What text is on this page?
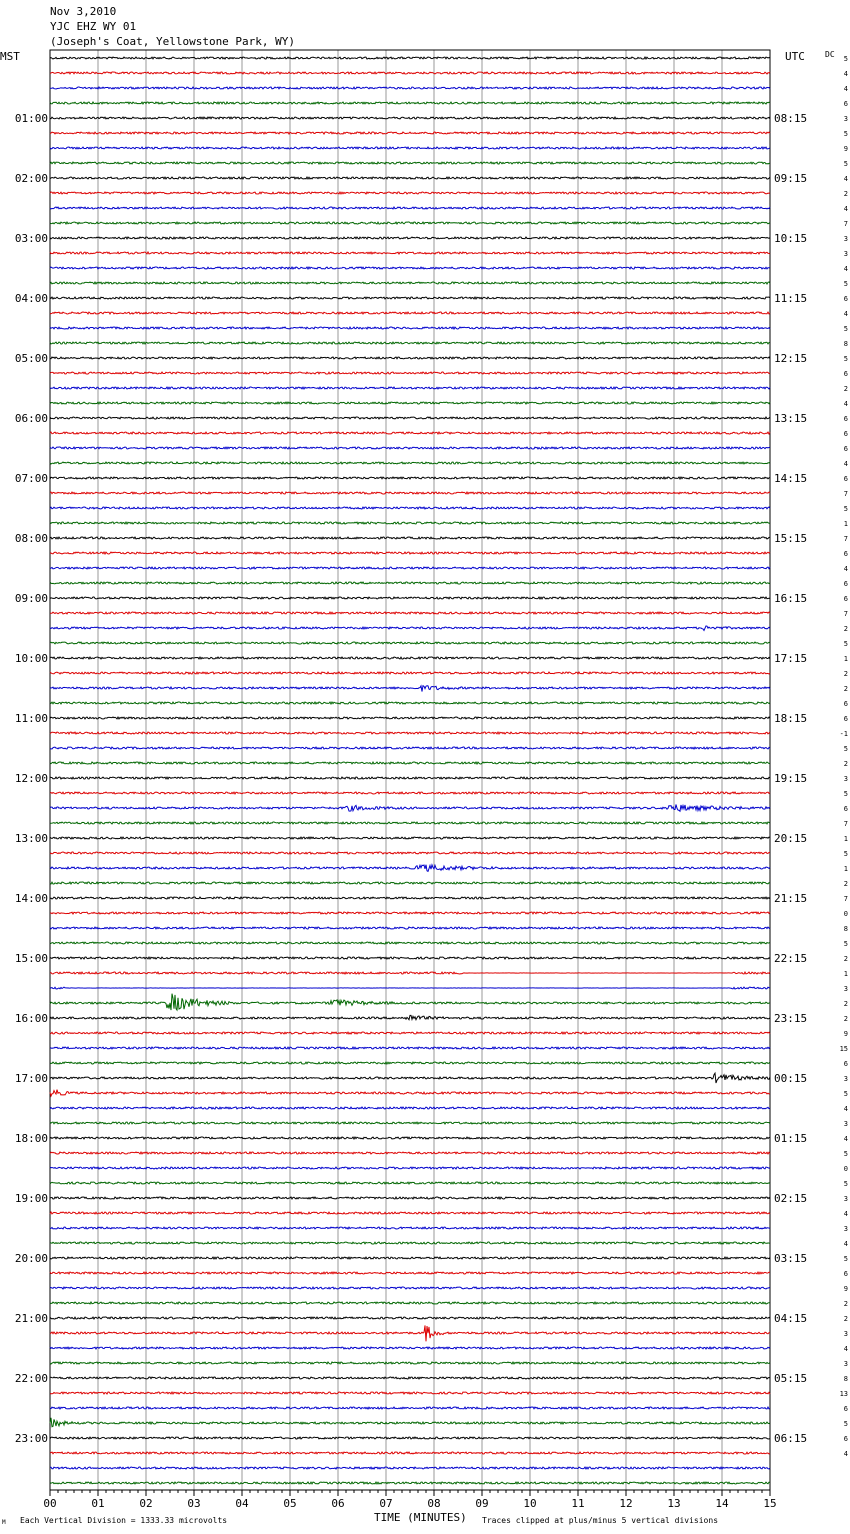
Nov 3,2010
YJC EHZ WY 01
(Joseph's Coat, Yellowstone Park, WY)
MST	UTC	DC 5
4
4
6
3
5
9
5
4
2
4
7
3
3
4
5
6
4
5
8
5
6
2
4
6
6
6
4
6
7
5
1
7
6
4
6
6
7
2
5
1
2
2
6
6
-1
5
2
3
5
6
7
1
5
1
2
7
0
8
5
2
1
3
2
2
9
15
6
3
5
4
3
4
5
0
5
3
4
3
4
5
6
9
2
2
3
4
3
8
13
6
5
6
4
01:00
02:00
03:00
04:00
05:00
06:00
07:00
08:00
09:00
10:00
11:00
12:00
13:00
14:00
15:00
16:00
17:00
18:00
19:00
20:00
21:00
22:00
23:00
08:15
09:15
10:15
11:15
12:15
13:15
14:15
15:15
16:15
17:15
18:15
19:15
20:15
21:15
22:15
23:15
00:15
01:15
02:15
03:15
04:15
05:15
06:15
00	01	02	03	04	05	06	07	08	09	10	11	12	13	14	15
TIME (MINUTES)
Each Vertical Division = 1333.33 microvolts	Traces clipped at plus/minus 5 vertical divisions
M
